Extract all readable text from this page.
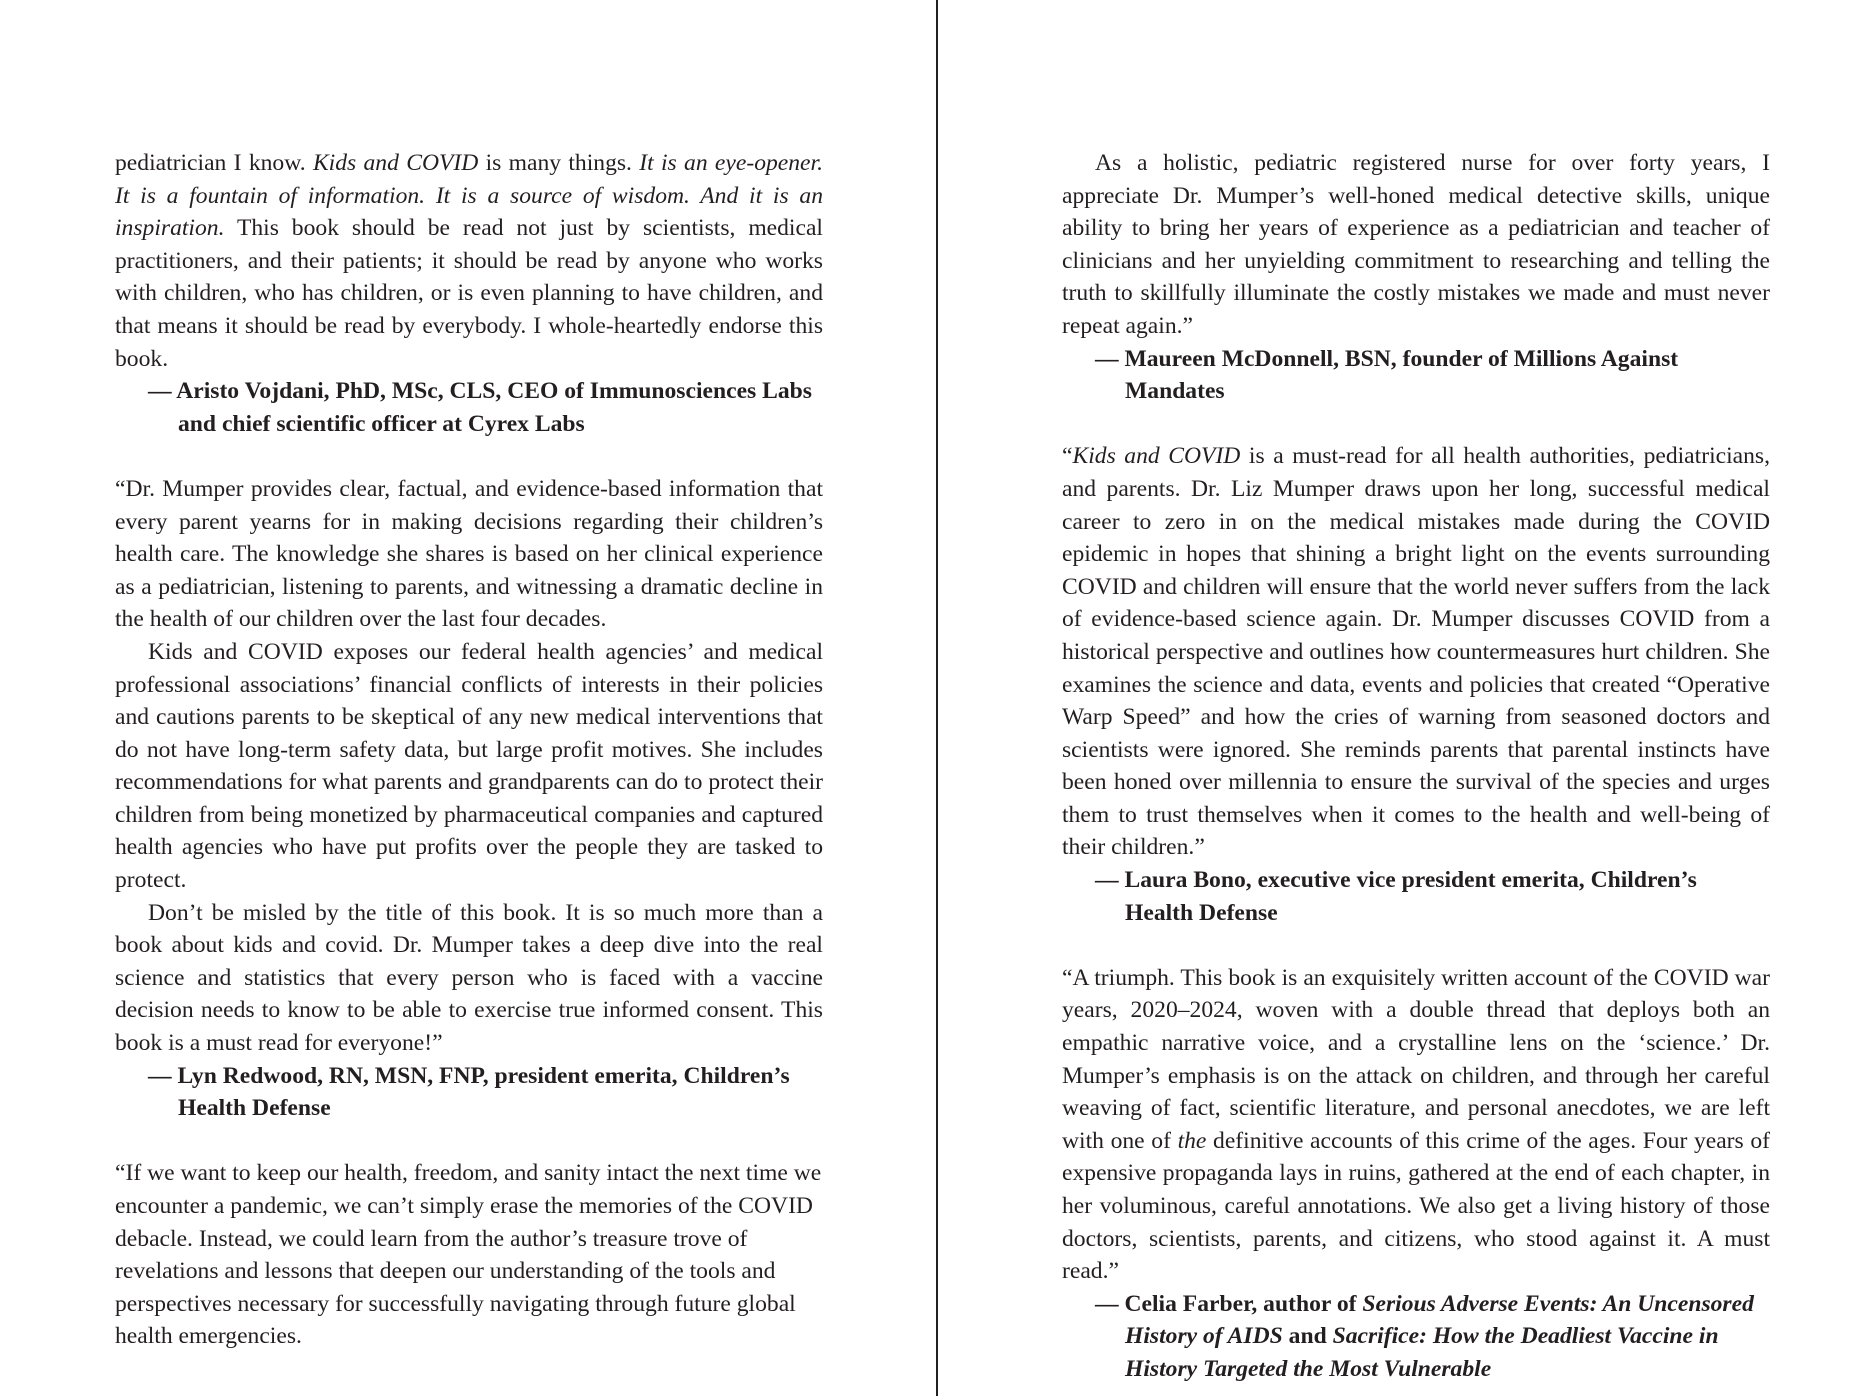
pediatrician I know. Kids and COVID is many things. It is an eye-opener. It is a fountain of information. It is a source of wisdom. And it is an inspiration. This book should be read not just by scientists, medical practitioners, and their patients; it should be read by anyone who works with children, who has children, or is even planning to have children, and that means it should be read by everybody. I whole-heartedly endorse this book.

— Aristo Vojdani, PhD, MSc, CLS, CEO of Immunosciences Labs and chief scientific officer at Cyrex Labs

“Dr. Mumper provides clear, factual, and evidence-based information that every parent yearns for in making decisions regarding their children’s health care. The knowledge she shares is based on her clinical experience as a pediatrician, listening to parents, and witnessing a dramatic decline in the health of our children over the last four decades.

Kids and COVID exposes our federal health agencies’ and medical professional associations’ financial conflicts of interests in their policies and cautions parents to be skeptical of any new medical interventions that do not have long-term safety data, but large profit motives. She includes recommendations for what parents and grandparents can do to protect their children from being monetized by pharmaceutical companies and captured health agencies who have put profits over the people they are tasked to protect.

Don’t be misled by the title of this book. It is so much more than a book about kids and covid. Dr. Mumper takes a deep dive into the real science and statistics that every person who is faced with a vaccine decision needs to know to be able to exercise true informed consent. This book is a must read for everyone!”

— Lyn Redwood, RN, MSN, FNP, president emerita, Children’s Health Defense

“If we want to keep our health, freedom, and sanity intact the next time we encounter a pandemic, we can’t simply erase the memories of the COVID debacle. Instead, we could learn from the author’s treasure trove of revelations and lessons that deepen our understanding of the tools and perspectives necessary for successfully navigating through future global health emergencies.

As a holistic, pediatric registered nurse for over forty years, I appreciate Dr. Mumper’s well-honed medical detective skills, unique ability to bring her years of experience as a pediatrician and teacher of clinicians and her unyielding commitment to researching and telling the truth to skillfully illuminate the costly mistakes we made and must never repeat again.”

— Maureen McDonnell, BSN, founder of Millions Against Mandates

“Kids and COVID is a must-read for all health authorities, pediatricians, and parents. Dr. Liz Mumper draws upon her long, successful medical career to zero in on the medical mistakes made during the COVID epidemic in hopes that shining a bright light on the events surrounding COVID and children will ensure that the world never suffers from the lack of evidence-based science again. Dr. Mumper discusses COVID from a historical perspective and outlines how countermeasures hurt children. She examines the science and data, events and policies that created “Operative Warp Speed” and how the cries of warning from seasoned doctors and scientists were ignored. She reminds parents that parental instincts have been honed over millennia to ensure the survival of the species and urges them to trust themselves when it comes to the health and well-being of their children.”

— Laura Bono, executive vice president emerita, Children’s Health Defense

“A triumph. This book is an exquisitely written account of the COVID war years, 2020–2024, woven with a double thread that deploys both an empathic narrative voice, and a crystalline lens on the ‘science.’ Dr. Mumper’s emphasis is on the attack on children, and through her careful weaving of fact, scientific literature, and personal anecdotes, we are left with one of the definitive accounts of this crime of the ages. Four years of expensive propaganda lays in ruins, gathered at the end of each chapter, in her voluminous, careful annotations. We also get a living history of those doctors, scientists, parents, and citizens, who stood against it. A must read.”

— Celia Farber, author of Serious Adverse Events: An Uncensored History of AIDS and Sacrifice: How the Deadliest Vaccine in History Targeted the Most Vulnerable
